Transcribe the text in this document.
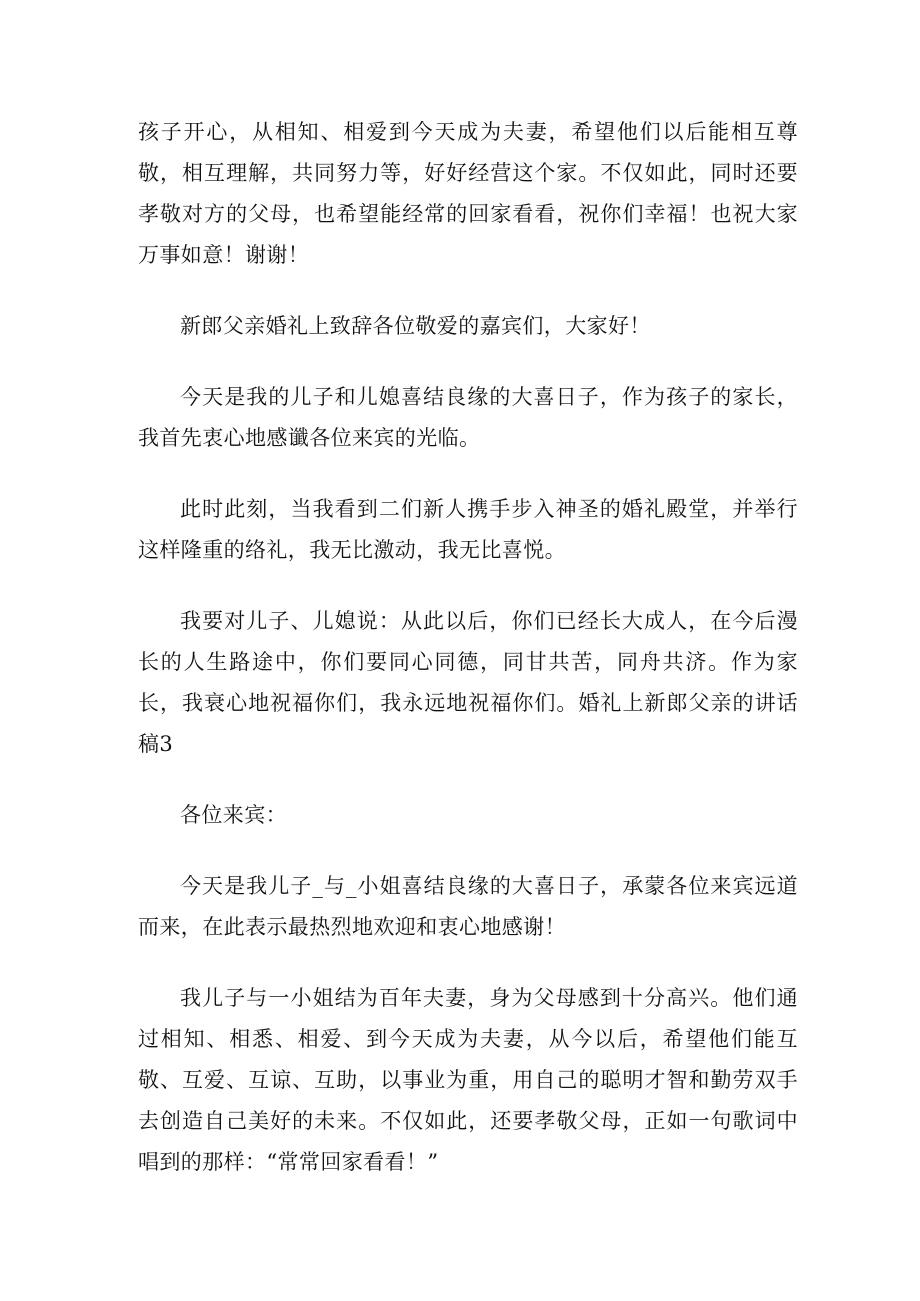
孩子开心，从相知、相爱到今天成为夫妻，希望他们以后能相互尊敬，相互理解，共同努力等，好好经营这个家。不仅如此，同时还要孝敬对方的父母，也希望能经常的回家看看，祝你们幸福！也祝大家万事如意！谢谢！

新郎父亲婚礼上致辞各位敬爱的嘉宾们，大家好！

今天是我的儿子和儿媳喜结良缘的大喜日子，作为孩子的家长，我首先衷心地感谶各位来宾的光临。

此时此刻，当我看到二们新人携手步入神圣的婚礼殿堂，并举行这样隆重的络礼，我无比激动，我无比喜悦。

我要对儿子、儿媳说：从此以后，你们已经长大成人，在今后漫长的人生路途中，你们要同心同德，同甘共苦，同舟共济。作为家长，我衰心地祝福你们，我永远地祝福你们。婚礼上新郎父亲的讲话稿3

各位来宾：

今天是我儿子_与_小姐喜结良缘的大喜日子，承蒙各位来宾远道而来，在此表示最热烈地欢迎和衷心地感谢！

我儿子与一小姐结为百年夫妻，身为父母感到十分高兴。他们通过相知、相悉、相爱、到今天成为夫妻，从今以后，希望他们能互敬、互爱、互谅、互助，以事业为重，用自己的聪明才智和勤劳双手去创造自己美好的未来。不仅如此，还要孝敬父母，正如一句歌词中唱到的那样：“常常回家看看！”
